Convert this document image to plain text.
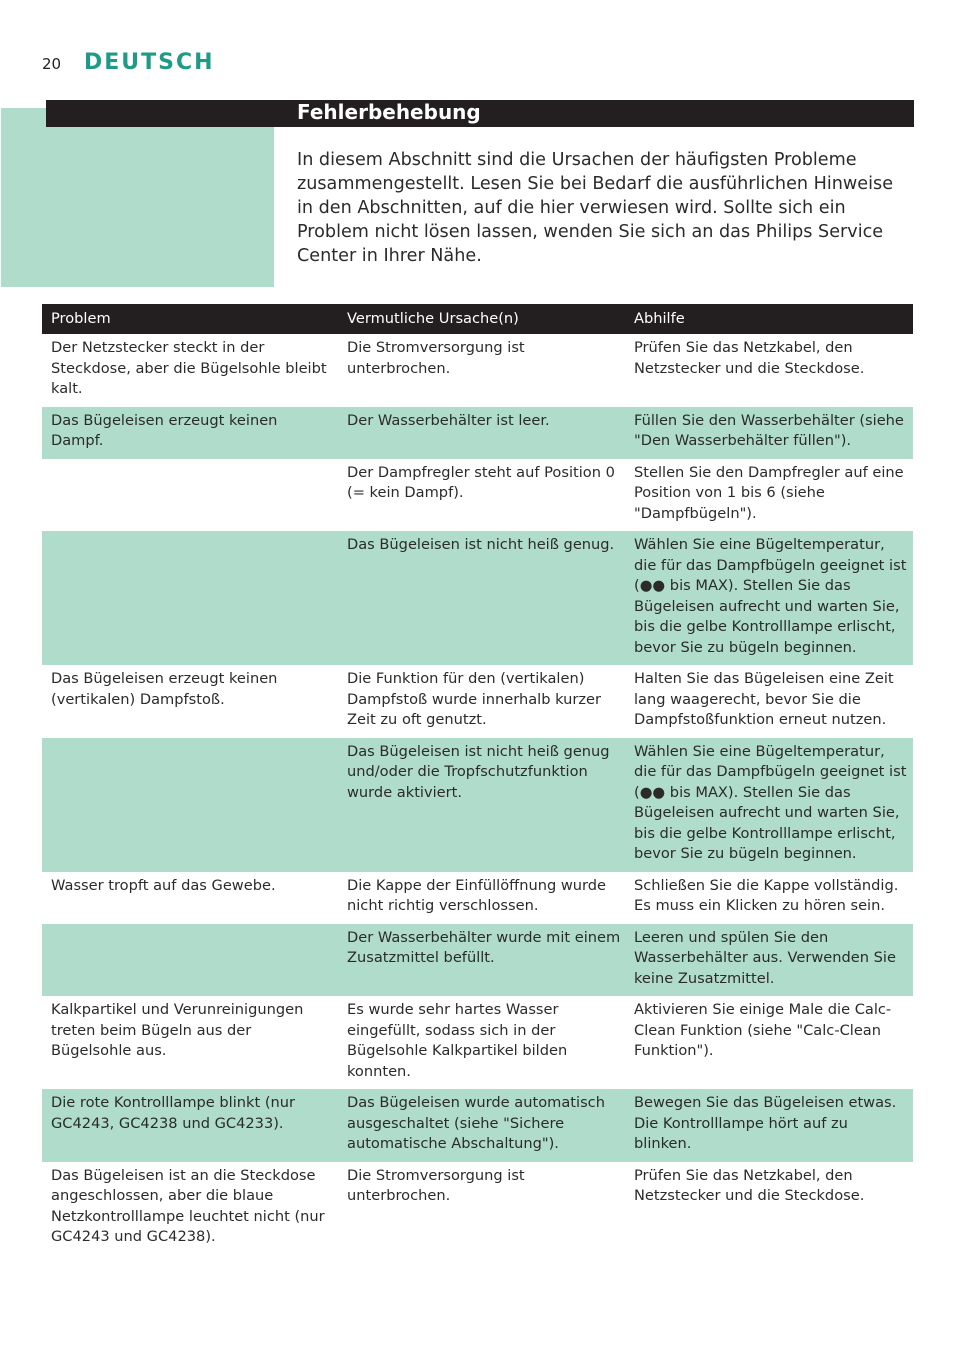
20 DEUTSCH
Fehlerbehebung

In diesem Abschnitt sind die Ursachen der häufigsten Probleme zusammengestellt. Lesen Sie bei Bedarf die ausführlichen Hinweise in den Abschnitten, auf die hier verwiesen wird. Sollte sich ein Problem nicht lösen lassen, wenden Sie sich an das Philips Service Center in Ihrer Nähe.

Problem	Vermutliche Ursache(n)	Abhilfe
Der Netzstecker steckt in der Steckdose, aber die Bügelsohle bleibt kalt.	Die Stromversorgung ist unterbrochen.	Prüfen Sie das Netzkabel, den Netzstecker und die Steckdose.
Das Bügeleisen erzeugt keinen Dampf.	Der Wasserbehälter ist leer.	Füllen Sie den Wasserbehälter (siehe "Den Wasserbehälter füllen").
	Der Dampfregler steht auf Position 0 (= kein Dampf).	Stellen Sie den Dampfregler auf eine Position von 1 bis 6 (siehe "Dampfbügeln").
	Das Bügeleisen ist nicht heiß genug.	Wählen Sie eine Bügeltemperatur, die für das Dampfbügeln geeignet ist (●● bis MAX). Stellen Sie das Bügeleisen aufrecht und warten Sie, bis die gelbe Kontrolllampe erlischt, bevor Sie zu bügeln beginnen.
Das Bügeleisen erzeugt keinen (vertikalen) Dampfstoß.	Die Funktion für den (vertikalen) Dampfstoß wurde innerhalb kurzer Zeit zu oft genutzt.	Halten Sie das Bügeleisen eine Zeit lang waagerecht, bevor Sie die Dampfstoßfunktion erneut nutzen.
	Das Bügeleisen ist nicht heiß genug und/oder die Tropfschutzfunktion wurde aktiviert.	Wählen Sie eine Bügeltemperatur, die für das Dampfbügeln geeignet ist (●● bis MAX). Stellen Sie das Bügeleisen aufrecht und warten Sie, bis die gelbe Kontrolllampe erlischt, bevor Sie zu bügeln beginnen.
Wasser tropft auf das Gewebe.	Die Kappe der Einfüllöffnung wurde nicht richtig verschlossen.	Schließen Sie die Kappe vollständig. Es muss ein Klicken zu hören sein.
	Der Wasserbehälter wurde mit einem Zusatzmittel befüllt.	Leeren und spülen Sie den Wasserbehälter aus. Verwenden Sie keine Zusatzmittel.
Kalkpartikel und Verunreinigungen treten beim Bügeln aus der Bügelsohle aus.	Es wurde sehr hartes Wasser eingefüllt, sodass sich in der Bügelsohle Kalkpartikel bilden konnten.	Aktivieren Sie einige Male die Calc-Clean Funktion (siehe "Calc-Clean Funktion").
Die rote Kontrolllampe blinkt (nur GC4243, GC4238 und GC4233).	Das Bügeleisen wurde automatisch ausgeschaltet (siehe "Sichere automatische Abschaltung").	Bewegen Sie das Bügeleisen etwas. Die Kontrolllampe hört auf zu blinken.
Das Bügeleisen ist an die Steckdose angeschlossen, aber die blaue Netzkontrolllampe leuchtet nicht (nur GC4243 und GC4238).	Die Stromversorgung ist unterbrochen.	Prüfen Sie das Netzkabel, den Netzstecker und die Steckdose.
